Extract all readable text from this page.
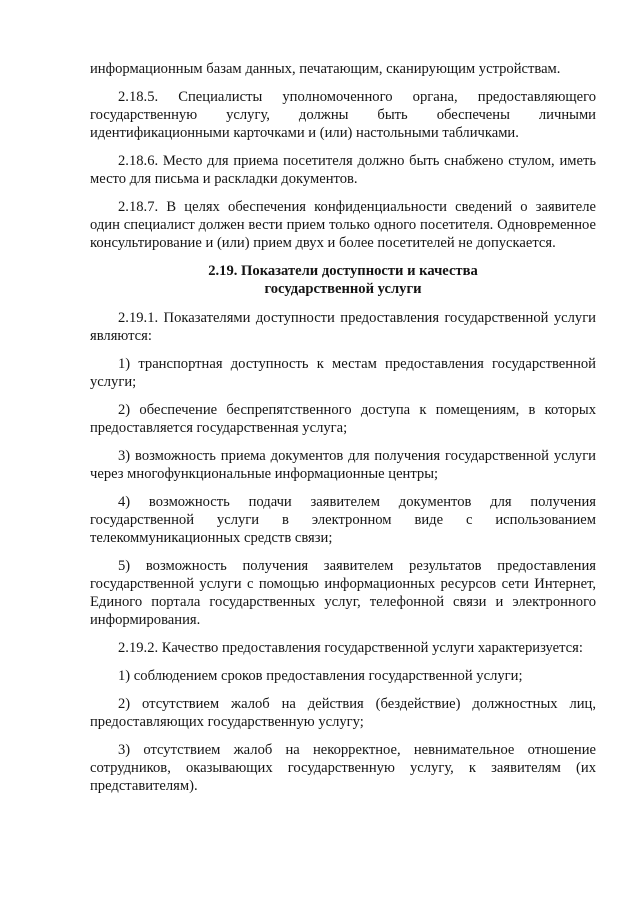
информационным базам данных, печатающим, сканирующим устройствам.

2.18.5. Специалисты уполномоченного органа, предоставляющего государственную услугу, должны быть обеспечены личными идентификационными карточками и (или) настольными табличками.

2.18.6. Место для приема посетителя должно быть снабжено стулом, иметь место для письма и раскладки документов.

2.18.7. В целях обеспечения конфиденциальности сведений о заявителе один специалист должен вести прием только одного посетителя. Одновременное консультирование и (или) прием двух и более посетителей не допускается.

2.19. Показатели доступности и качества
государственной услуги

2.19.1. Показателями доступности предоставления государственной услуги являются:

1) транспортная доступность к местам предоставления государственной услуги;

2) обеспечение беспрепятственного доступа к помещениям, в которых предоставляется государственная услуга;

3) возможность приема документов для получения государственной услуги через многофункциональные информационные центры;

4) возможность подачи заявителем документов для получения государственной услуги в электронном виде с использованием телекоммуникационных средств связи;

5) возможность получения заявителем результатов предоставления государственной услуги с помощью информационных ресурсов сети Интернет, Единого портала государственных услуг, телефонной связи и электронного информирования.

2.19.2. Качество предоставления государственной услуги характеризуется:

1) соблюдением сроков предоставления государственной услуги;

2) отсутствием жалоб на действия (бездействие) должностных лиц, предоставляющих государственную услугу;

3) отсутствием жалоб на некорректное, невнимательное отношение сотрудников, оказывающих государственную услугу, к заявителям (их представителям).
